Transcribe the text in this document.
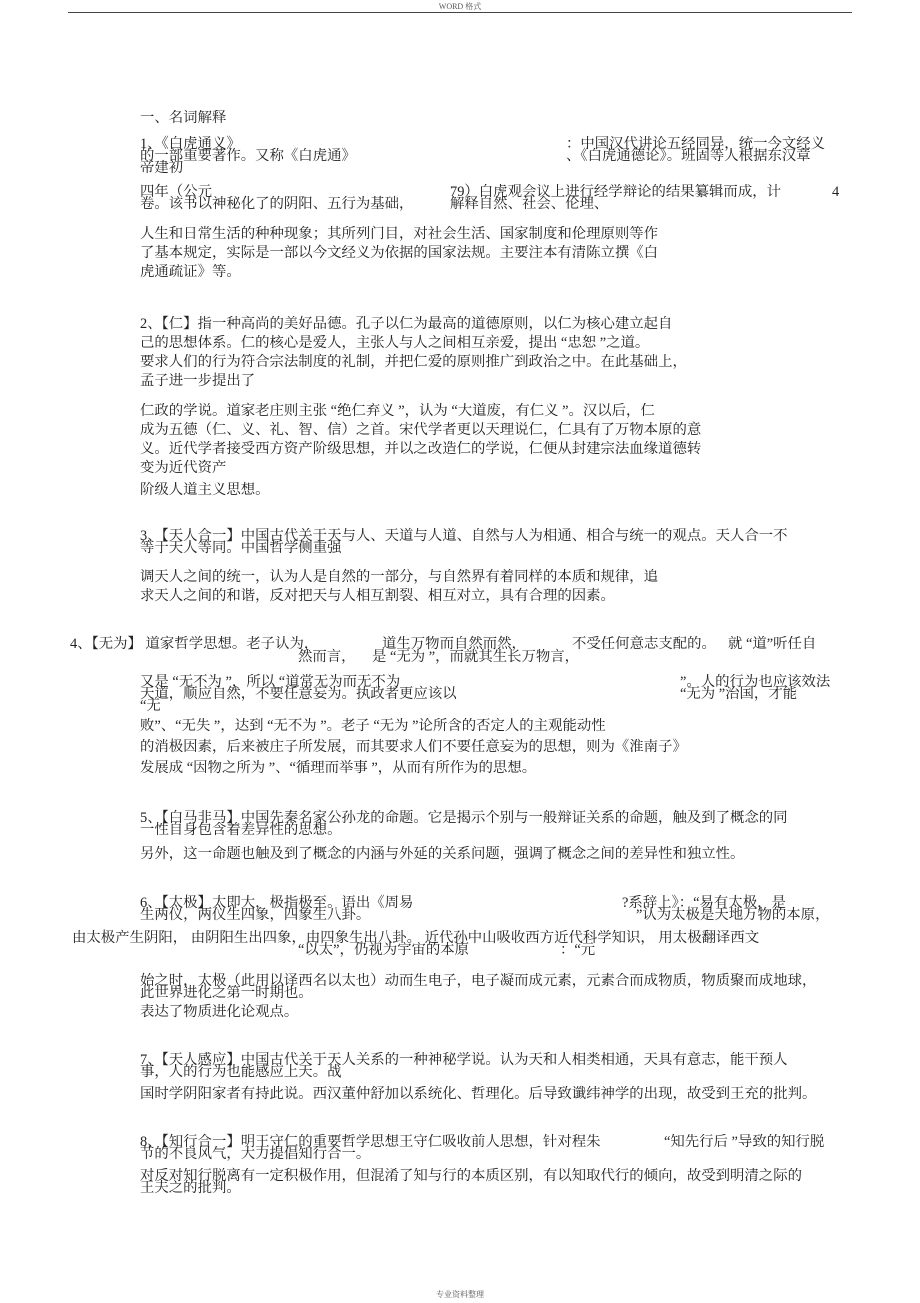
WORD 格式
一、名词解释
1、《白虎通义》	：中国汉代讲论五经同异，统一今文经义
的一部重要著作。又称《白虎通》	、《白虎通德论》。班固等人根据东汉章
帝建初
四年（公元	79）白虎观会议上进行经学辩论的结果纂辑而成，计	4
卷。该书以神秘化了的阴阳、五行为基础，	解释自然、社会、伦理、
人生和日常生活的种种现象；其所列门目，对社会生活、国家制度和伦理原则等作
了基本规定，实际是一部以今文经义为依据的国家法规。主要注本有清陈立撰《白
虎通疏证》等。
2、【仁】指一种高尚的美好品德。孔子以仁为最高的道德原则，以仁为核心建立起自
己的思想体系。仁的核心是爱人，主张人与人之间相互亲爱，提出 “忠恕 ”之道。
要求人们的行为符合宗法制度的礼制，并把仁爱的原则推广到政治之中。在此基础上，
孟子进一步提出了
仁政的学说。道家老庄则主张 “绝仁弃义 ”，认为 “大道废，有仁义 ”。汉以后，仁
成为五德（仁、义、礼、智、信）之首。宋代学者更以天理说仁，仁具有了万物本原的意
义。近代学者接受西方资产阶级思想，并以之改造仁的学说，仁便从封建宗法血缘道德转
变为近代资产
阶级人道主义思想。
3、【天人合一】中国古代关于天与人、天道与人道、自然与人为相通、相合与统一的观点。天人合一不
等于天人等同。中国哲学侧重强
调天人之间的统一，认为人是自然的一部分，与自然界有着同样的本质和规律，追
求天人之间的和谐，反对把天与人相互割裂、相互对立，具有合理的因素。
4、【无为】 道家哲学思想。老子认为，	道生万物而自然而然，	不受任何意志支配的。 就 “道”听任自
然而言， 是 “无为 ”，而就其生长万物言，
又是 “无不为 ”，所以 “道常无为而无不为	”。人的行为也应该效法
天道，顺应自然，不要任意妄为。执政者更应该以	“无为 ”治国，才能
“无
败”、“无失 ”，达到 “无不为 ”。老子 “无为 ”论所含的否定人的主观能动性
的消极因素，后来被庄子所发展，而其要求人们不要任意妄为的思想，则为《淮南子》
发展成 “因物之所为 ”、“循理而举事 ”，从而有所作为的思想。
5、【白马非马】中国先秦名家公孙龙的命题。它是揭示个别与一般辩证关系的命题，触及到了概念的同
一性自身包含着差异性的思想。
另外，这一命题也触及到了概念的内涵与外延的关系问题，强调了概念之间的差异性和独立性。
6、【太极】太即大，极指极至。语出《周易	?系辞上》：“易有太极，是
生两仪，两仪生四象，四象生八卦。	”认为太极是天地万物的本原，
由太极产生阴阳， 由阴阳生出四象，由四象生出八卦。 近代孙中山吸收西方近代科学知识， 用太极翻译西文
“以太”，仍视为宇宙的本原	：“元
始之时，太极（此用以译西名以太也）动而生电子，电子凝而成元素，元素合而成物质，物质聚而成地球，
此世界进化之第一时期也。
表达了物质进化论观点。
7、【天人感应】中国古代关于天人关系的一种神秘学说。认为天和人相类相通，天具有意志，能干预人
事，人的行为也能感应上天。战
国时学阴阳家者有持此说。西汉董仲舒加以系统化、哲理化。后导致谶纬神学的出现，故受到王充的批判。
8、【知行合一】明王守仁的重要哲学思想王守仁吸收前人思想，针对程朱	“知先行后 ”导致的知行脱
节的不良风气，大力提倡知行合一。
对反对知行脱离有一定积极作用，但混淆了知与行的本质区别，有以知取代行的倾向，故受到明清之际的
王夫之的批判。
专业资料整理
